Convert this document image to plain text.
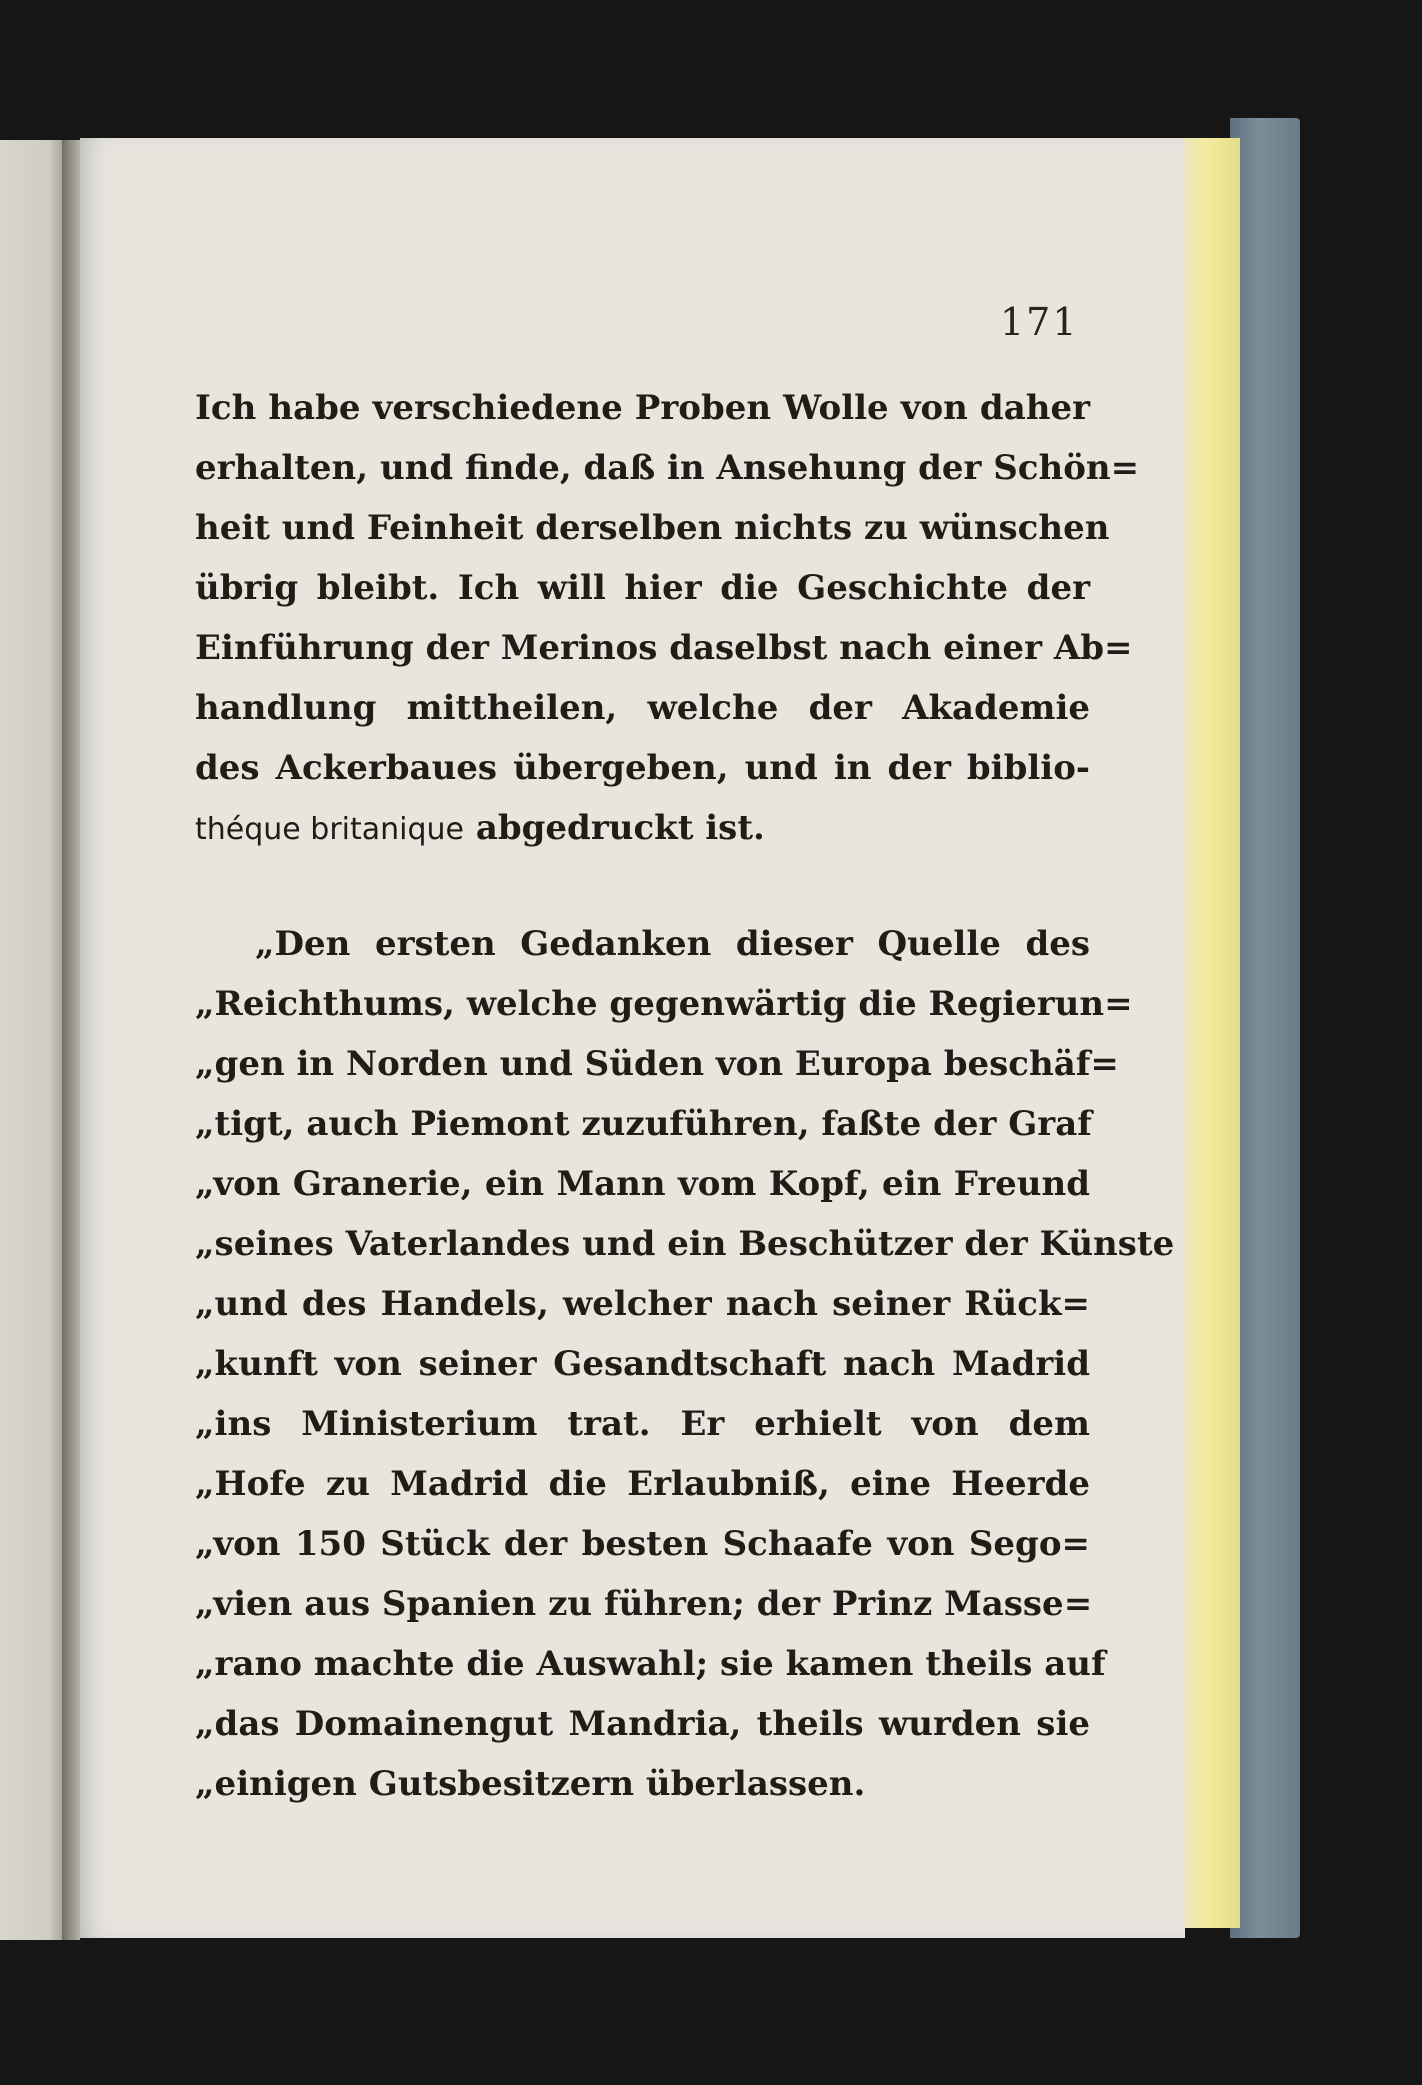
171
Ich habe verschiedene Proben Wolle von daher
erhalten, und finde, daß in Ansehung der Schön=
heit und Feinheit derselben nichts zu wünschen
übrig bleibt. Ich will hier die Geschichte der
Einführung der Merinos daselbst nach einer Ab=
handlung mittheilen, welche der Akademie
des Ackerbaues übergeben, und in der biblio-
théque britanique abgedruckt ist.
„Den ersten Gedanken dieser Quelle des
„Reichthums, welche gegenwärtig die Regierun=
„gen in Norden und Süden von Europa beschäf=
„tigt, auch Piemont zuzuführen, faßte der Graf
„von Granerie, ein Mann vom Kopf, ein Freund
„seines Vaterlandes und ein Beschützer der Künste
„und des Handels, welcher nach seiner Rück=
„kunft von seiner Gesandtschaft nach Madrid
„ins Ministerium trat. Er erhielt von dem
„Hofe zu Madrid die Erlaubniß, eine Heerde
„von 150 Stück der besten Schaafe von Sego=
„vien aus Spanien zu führen; der Prinz Masse=
„rano machte die Auswahl; sie kamen theils auf
„das Domainengut Mandria, theils wurden sie
„einigen Gutsbesitzern überlassen.
